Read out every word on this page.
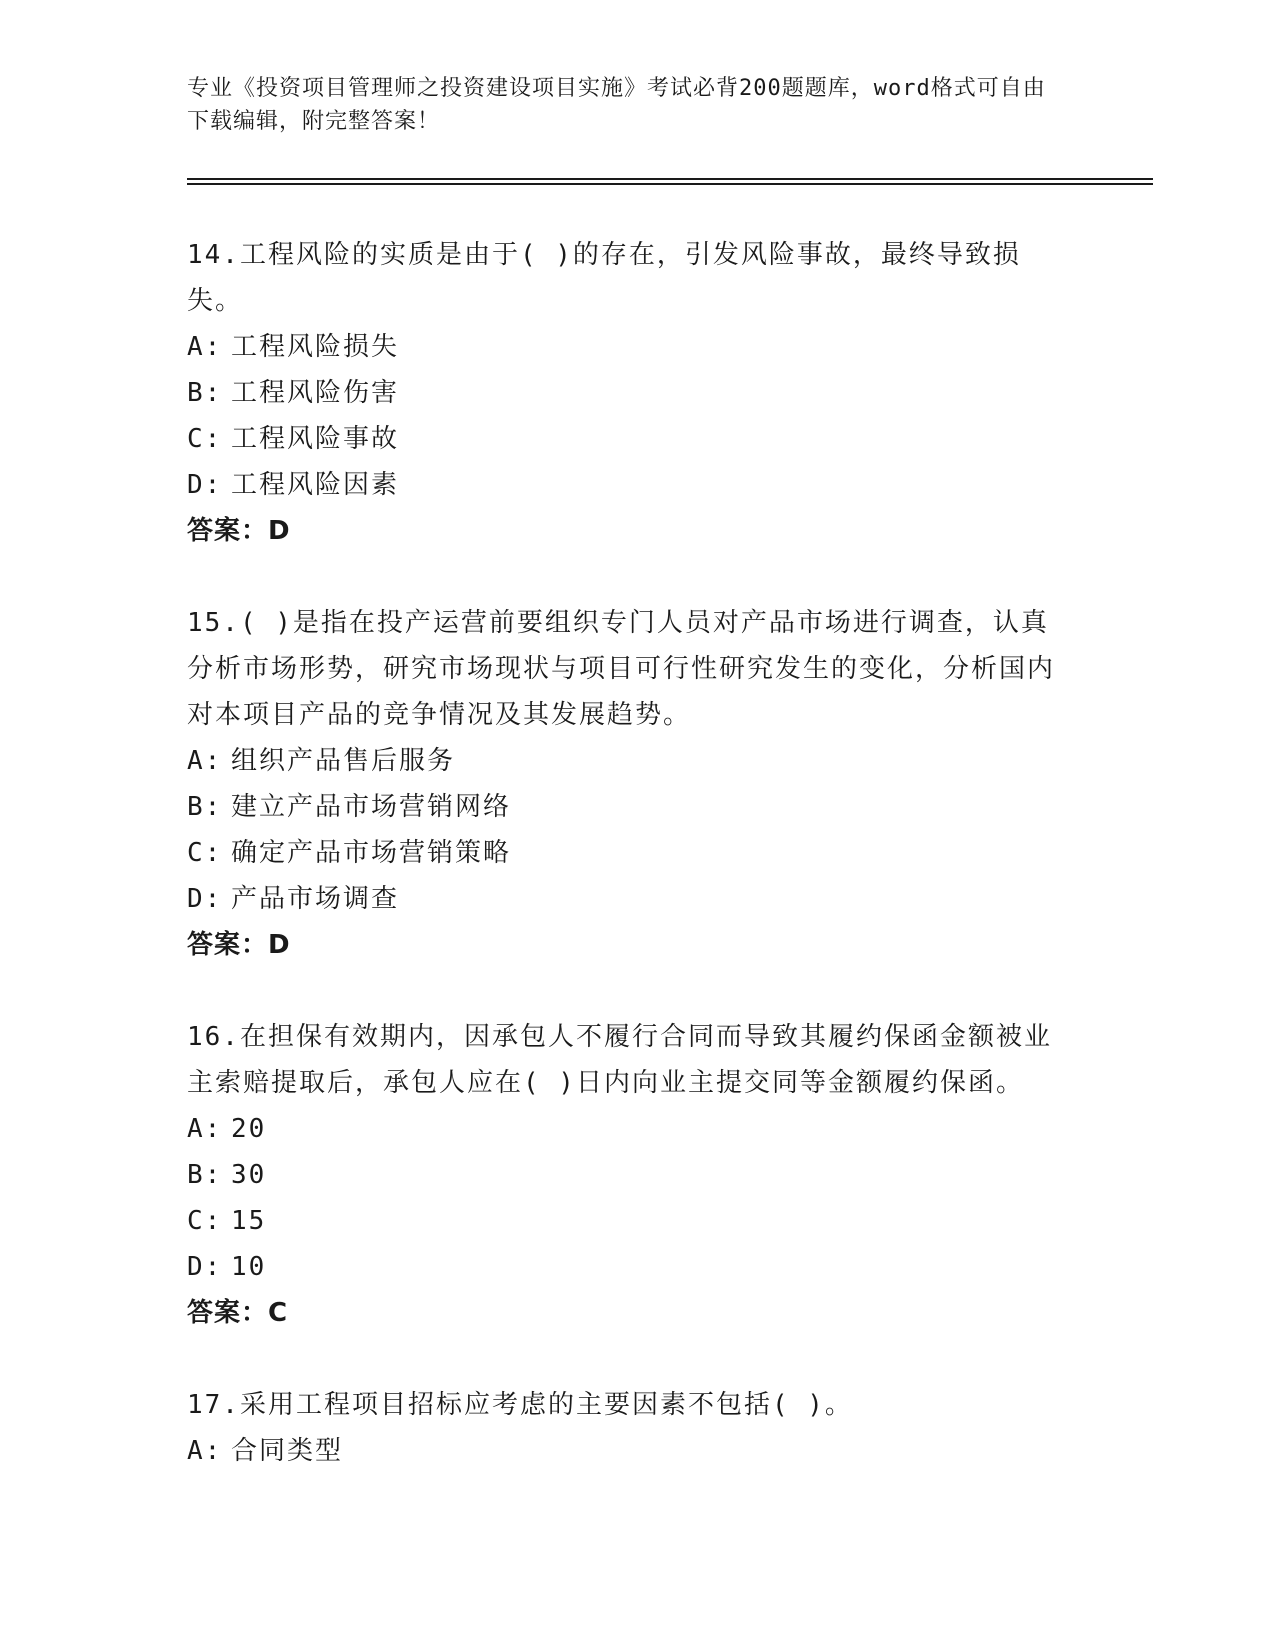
专业《投资项目管理师之投资建设项目实施》考试必背200题题库，word格式可自由下载编辑，附完整答案！
14.工程风险的实质是由于( )的存在，引发风险事故，最终导致损失。
A: 工程风险损失
B: 工程风险伤害
C: 工程风险事故
D: 工程风险因素
答案：D
15.( )是指在投产运营前要组织专门人员对产品市场进行调查，认真分析市场形势，研究市场现状与项目可行性研究发生的变化，分析国内对本项目产品的竞争情况及其发展趋势。
A: 组织产品售后服务
B: 建立产品市场营销网络
C: 确定产品市场营销策略
D: 产品市场调查
答案：D
16.在担保有效期内，因承包人不履行合同而导致其履约保函金额被业主索赔提取后，承包人应在( )日内向业主提交同等金额履约保函。
A: 20
B: 30
C: 15
D: 10
答案：C
17.采用工程项目招标应考虑的主要因素不包括( )。
A: 合同类型
